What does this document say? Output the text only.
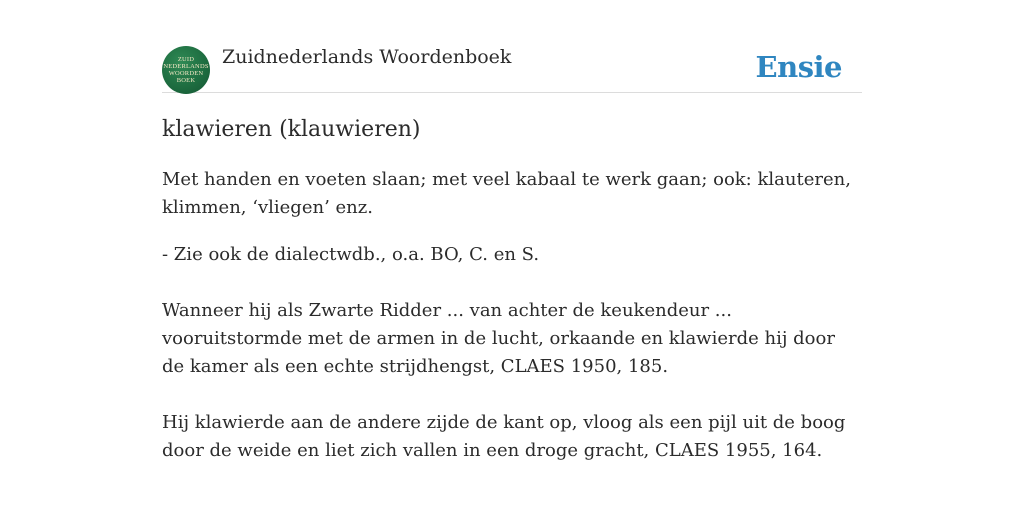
ZUID
NEDERLANDS
WOORDEN
BOEK
Zuidnederlands Woordenboek	Ensie
klawieren (klauwieren)

Met handen en voeten slaan; met veel kabaal te werk gaan; ook: klauteren, klimmen, ‘vliegen’ enz.

- Zie ook de dialectwdb., o.a. BO, C. en S.

Wanneer hij als Zwarte Ridder ... van achter de keukendeur ... vooruitstormde met de armen in de lucht, orkaande en klawierde hij door de kamer als een echte strijdhengst, CLAES 1950, 185.

Hij klawierde aan de andere zijde de kant op, vloog als een pijl uit de boog door de weide en liet zich vallen in een droge gracht, CLAES 1955, 164.
